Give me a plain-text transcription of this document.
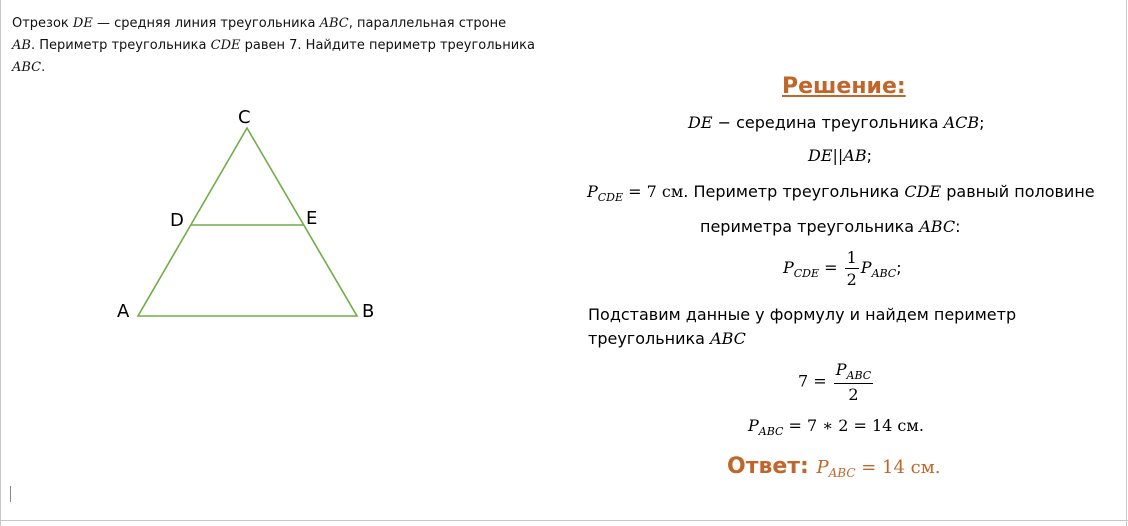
Отрезок DE — средняя линия треугольника ABC, параллельная строне
AB. Периметр треугольника CDE равен 7. Найдите периметр треугольника ABC.
C
D	E
A	B
Решение:
DE − середина треугольника ACB;
DE||AB;
$P_{CDE} = 7$ см. Периметр треугольника CDE равный половине
периметра треугольника ABC:
$P_{CDE} = \frac{1}{2} P_{ABC}$;
Подставим данные у формулу и найдем периметр
треугольника ABC
$7 = \frac{P_{ABC}}{2}$
$P_{ABC} = 7$ ∗ 2 = 14 см.
Ответ: $P_{ABC} = 14$ см.
